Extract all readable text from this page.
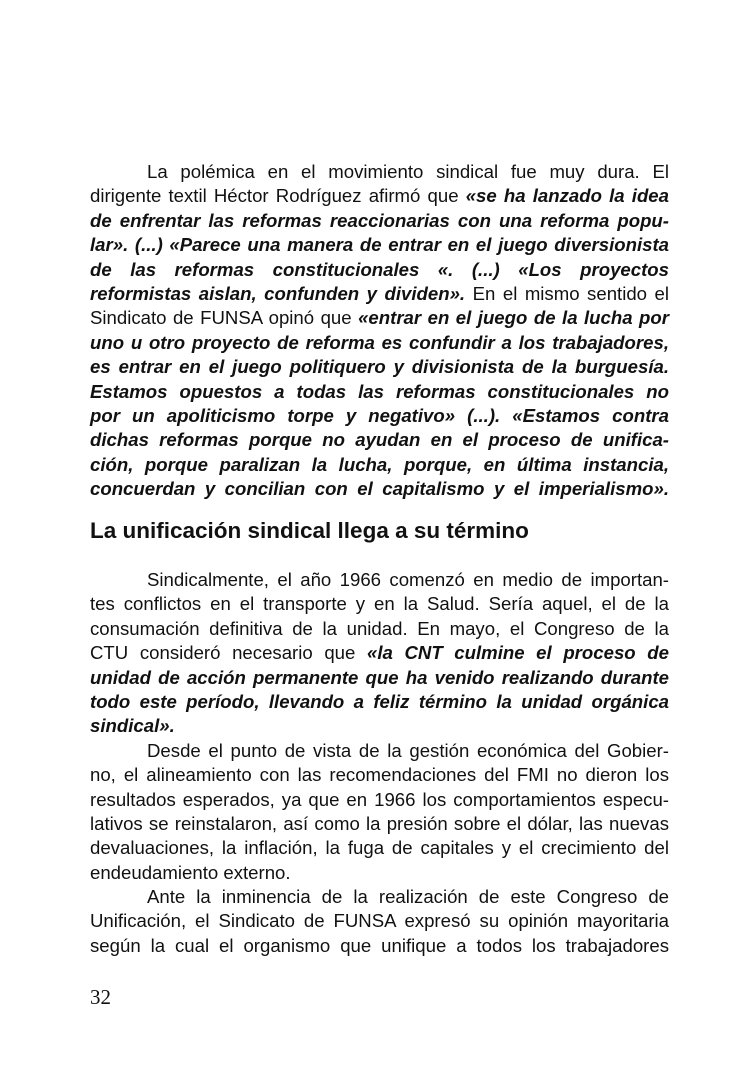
La polémica en el movimiento sindical fue muy dura. El
dirigente textil Héctor Rodríguez afirmó que «se ha lanzado la idea
de enfrentar las reformas reaccionarias con una reforma popu-
lar». (...) «Parece una manera de entrar en el juego diversionista
de las reformas constitucionales «. (...) «Los proyectos
reformistas aislan, confunden y dividen». En el mismo sentido el
Sindicato de FUNSA opinó que «entrar en el juego de la lucha por
uno u otro proyecto de reforma es confundir a los trabajadores,
es entrar en el juego politiquero y divisionista de la burguesía.
Estamos opuestos a todas las reformas constitucionales no
por un apoliticismo torpe y negativo» (...). «Estamos contra
dichas reformas porque no ayudan en el proceso de unifica-
ción, porque paralizan la lucha, porque, en última instancia,
concuerdan y concilian con el capitalismo y el imperialismo».
La unificación sindical llega a su término
Sindicalmente, el año 1966 comenzó en medio de importan-
tes conflictos en el transporte y en la Salud. Sería aquel, el de la
consumación definitiva de la unidad. En mayo, el Congreso de la
CTU consideró necesario que «la CNT culmine el proceso de
unidad de acción permanente que ha venido realizando durante
todo este período, llevando a feliz término la unidad orgánica
sindical».
Desde el punto de vista de la gestión económica del Gobier-
no, el alineamiento con las recomendaciones del FMI no dieron los
resultados esperados, ya que en 1966 los comportamientos especu-
lativos se reinstalaron, así como la presión sobre el dólar, las nuevas
devaluaciones, la inflación, la fuga de capitales y el crecimiento del
endeudamiento externo.
Ante la inminencia de la realización de este Congreso de
Unificación, el Sindicato de FUNSA expresó su opinión mayoritaria
según la cual el organismo que unifique a todos los trabajadores
32
